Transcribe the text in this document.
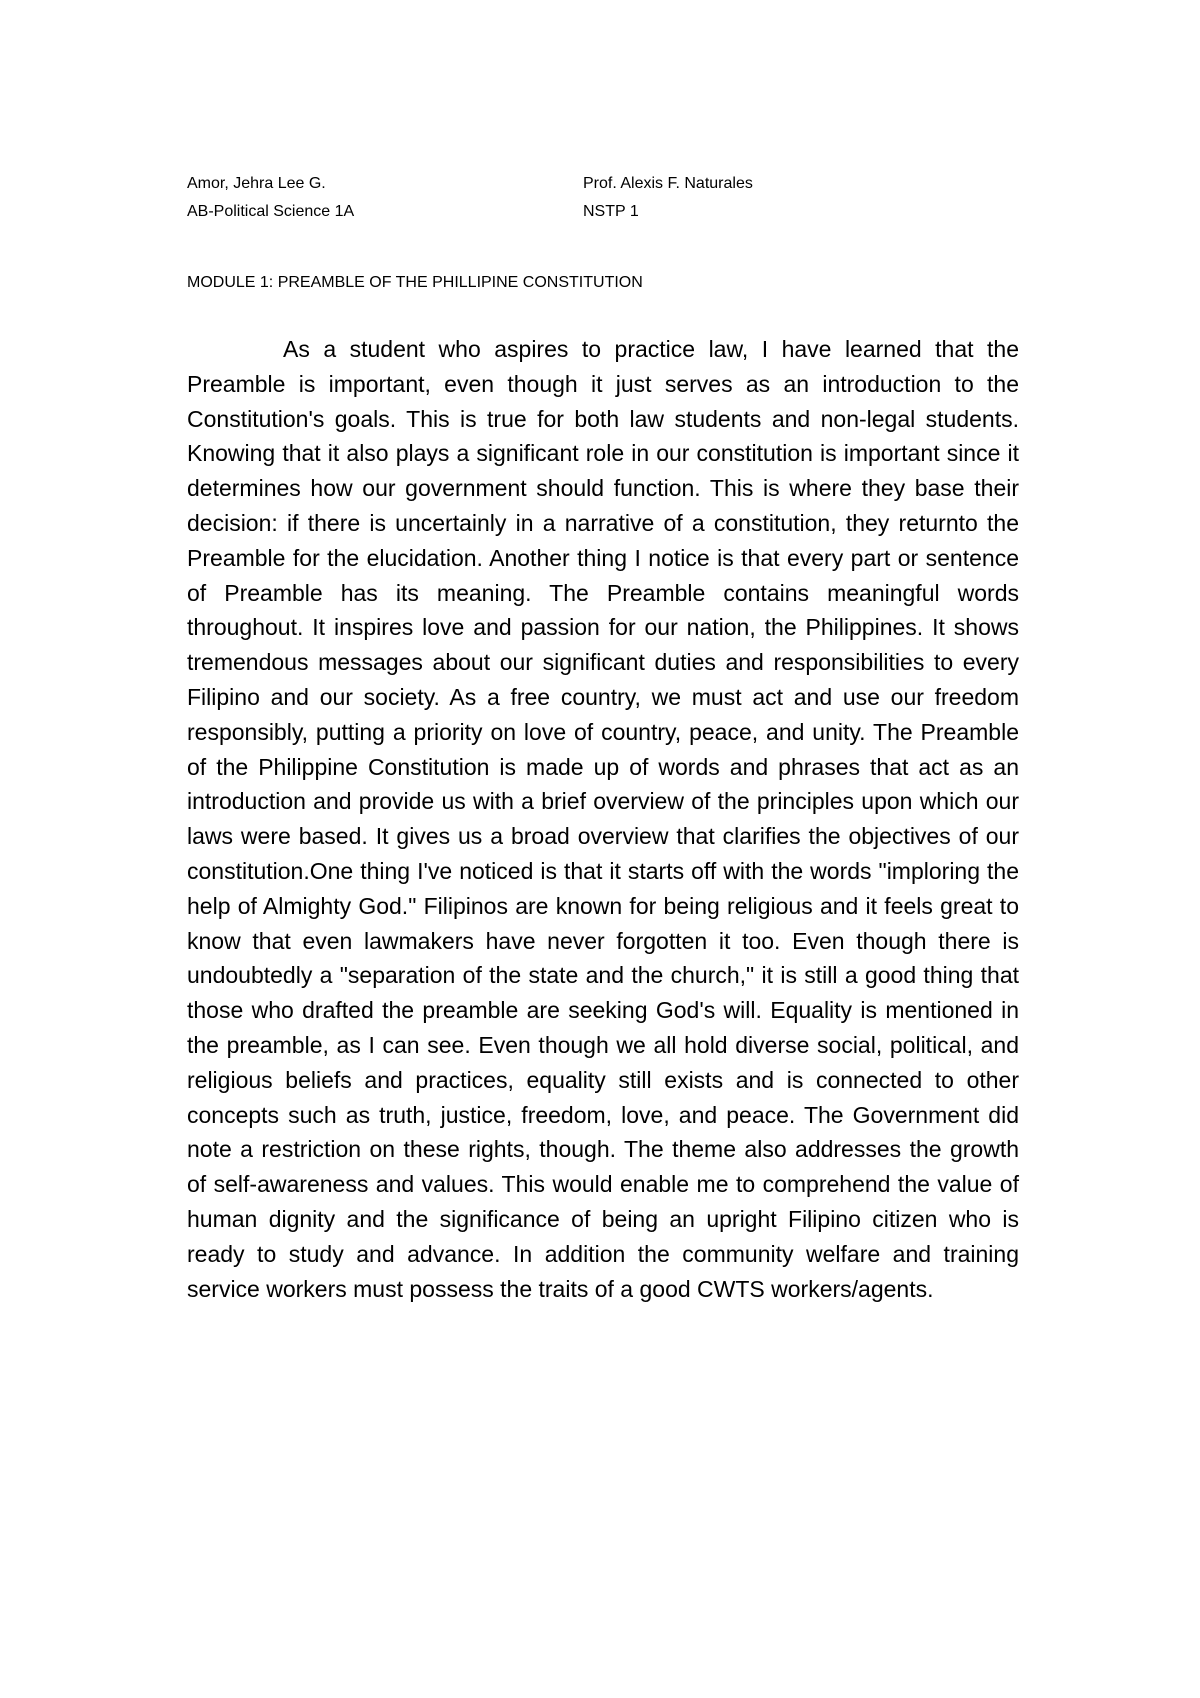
Amor, Jehra Lee G.
AB-Political Science 1A
Prof. Alexis F. Naturales
NSTP 1
MODULE 1: PREAMBLE OF THE PHILLIPINE CONSTITUTION

As a student who aspires to practice law, I have learned that the Preamble is important, even though it just serves as an introduction to the Constitution's goals. This is true for both law students and non-legal students. Knowing that it also plays a significant role in our constitution is important since it determines how our government should function. This is where they base their decision: if there is uncertainly in a narrative of a constitution, they returnto the Preamble for the elucidation. Another thing I notice is that every part or sentence of Preamble has its meaning. The Preamble contains meaningful words throughout. It inspires love and passion for our nation, the Philippines. It shows tremendous messages about our significant duties and responsibilities to every Filipino and our society. As a free country, we must act and use our freedom responsibly, putting a priority on love of country, peace, and unity. The Preamble of the Philippine Constitution is made up of words and phrases that act as an introduction and provide us with a brief overview of the principles upon which our laws were based. It gives us a broad overview that clarifies the objectives of our constitution.One thing I've noticed is that it starts off with the words "imploring the help of Almighty God." Filipinos are known for being religious and it feels great to know that even lawmakers have never forgotten it too. Even though there is undoubtedly a "separation of the state and the church," it is still a good thing that those who drafted the preamble are seeking God's will. Equality is mentioned in the preamble, as I can see. Even though we all hold diverse social, political, and religious beliefs and practices, equality still exists and is connected to other concepts such as truth, justice, freedom, love, and peace. The Government did note a restriction on these rights, though. The theme also addresses the growth of self-awareness and values. This would enable me to comprehend the value of human dignity and the significance of being an upright Filipino citizen who is ready to study and advance. In addition the community welfare and training service workers must possess the traits of a good CWTS workers/agents.
